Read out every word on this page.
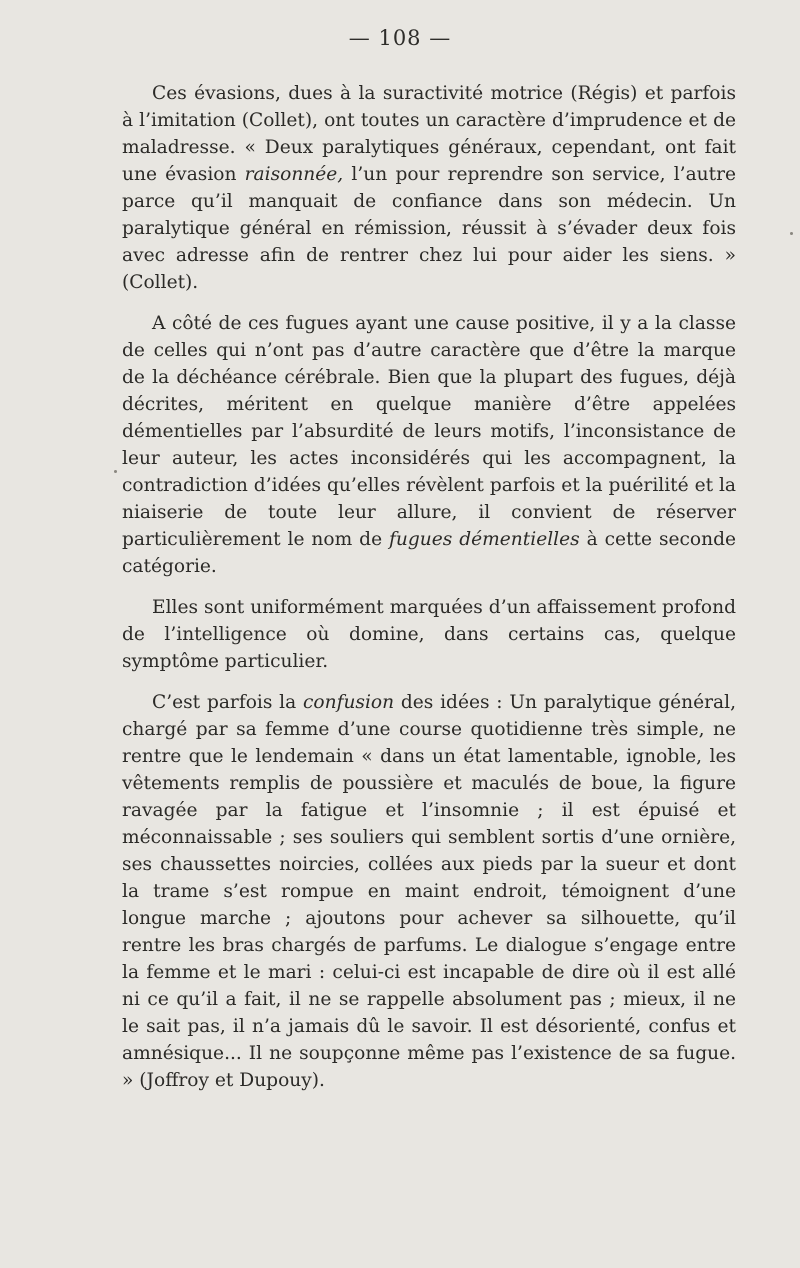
— 108 —

Ces évasions, dues à la suractivité motrice (Régis) et parfois à l’imitation (Collet), ont toutes un caractère d’imprudence et de maladresse. « Deux paralytiques généraux, cependant, ont fait une évasion raisonnée, l’un pour reprendre son service, l’autre parce qu’il manquait de confiance dans son médecin. Un paralytique général en rémission, réussit à s’évader deux fois avec adresse afin de rentrer chez lui pour aider les siens. » (Collet).

A côté de ces fugues ayant une cause positive, il y a la classe de celles qui n’ont pas d’autre caractère que d’être la marque de la déchéance cérébrale. Bien que la plupart des fugues, déjà décrites, méritent en quelque manière d’être appelées démentielles par l’absurdité de leurs motifs, l’inconsistance de leur auteur, les actes inconsidérés qui les accompagnent, la contradiction d’idées qu’elles révèlent parfois et la puérilité et la niaiserie de toute leur allure, il convient de réserver particulièrement le nom de fugues démentielles à cette seconde catégorie.

Elles sont uniformément marquées d’un affaissement profond de l’intelligence où domine, dans certains cas, quelque symptôme particulier.

C’est parfois la confusion des idées : Un paralytique général, chargé par sa femme d’une course quotidienne très simple, ne rentre que le lendemain « dans un état lamentable, ignoble, les vêtements remplis de poussière et maculés de boue, la figure ravagée par la fatigue et l’insomnie ; il est épuisé et méconnaissable ; ses souliers qui semblent sortis d’une ornière, ses chaussettes noircies, collées aux pieds par la sueur et dont la trame s’est rompue en maint endroit, témoignent d’une longue marche ; ajoutons pour achever sa silhouette, qu’il rentre les bras chargés de parfums. Le dialogue s’engage entre la femme et le mari : celui-ci est incapable de dire où il est allé ni ce qu’il a fait, il ne se rappelle absolument pas ; mieux, il ne le sait pas, il n’a jamais dû le savoir. Il est désorienté, confus et amnésique... Il ne soupçonne même pas l’existence de sa fugue. » (Joffroy et Dupouy).
